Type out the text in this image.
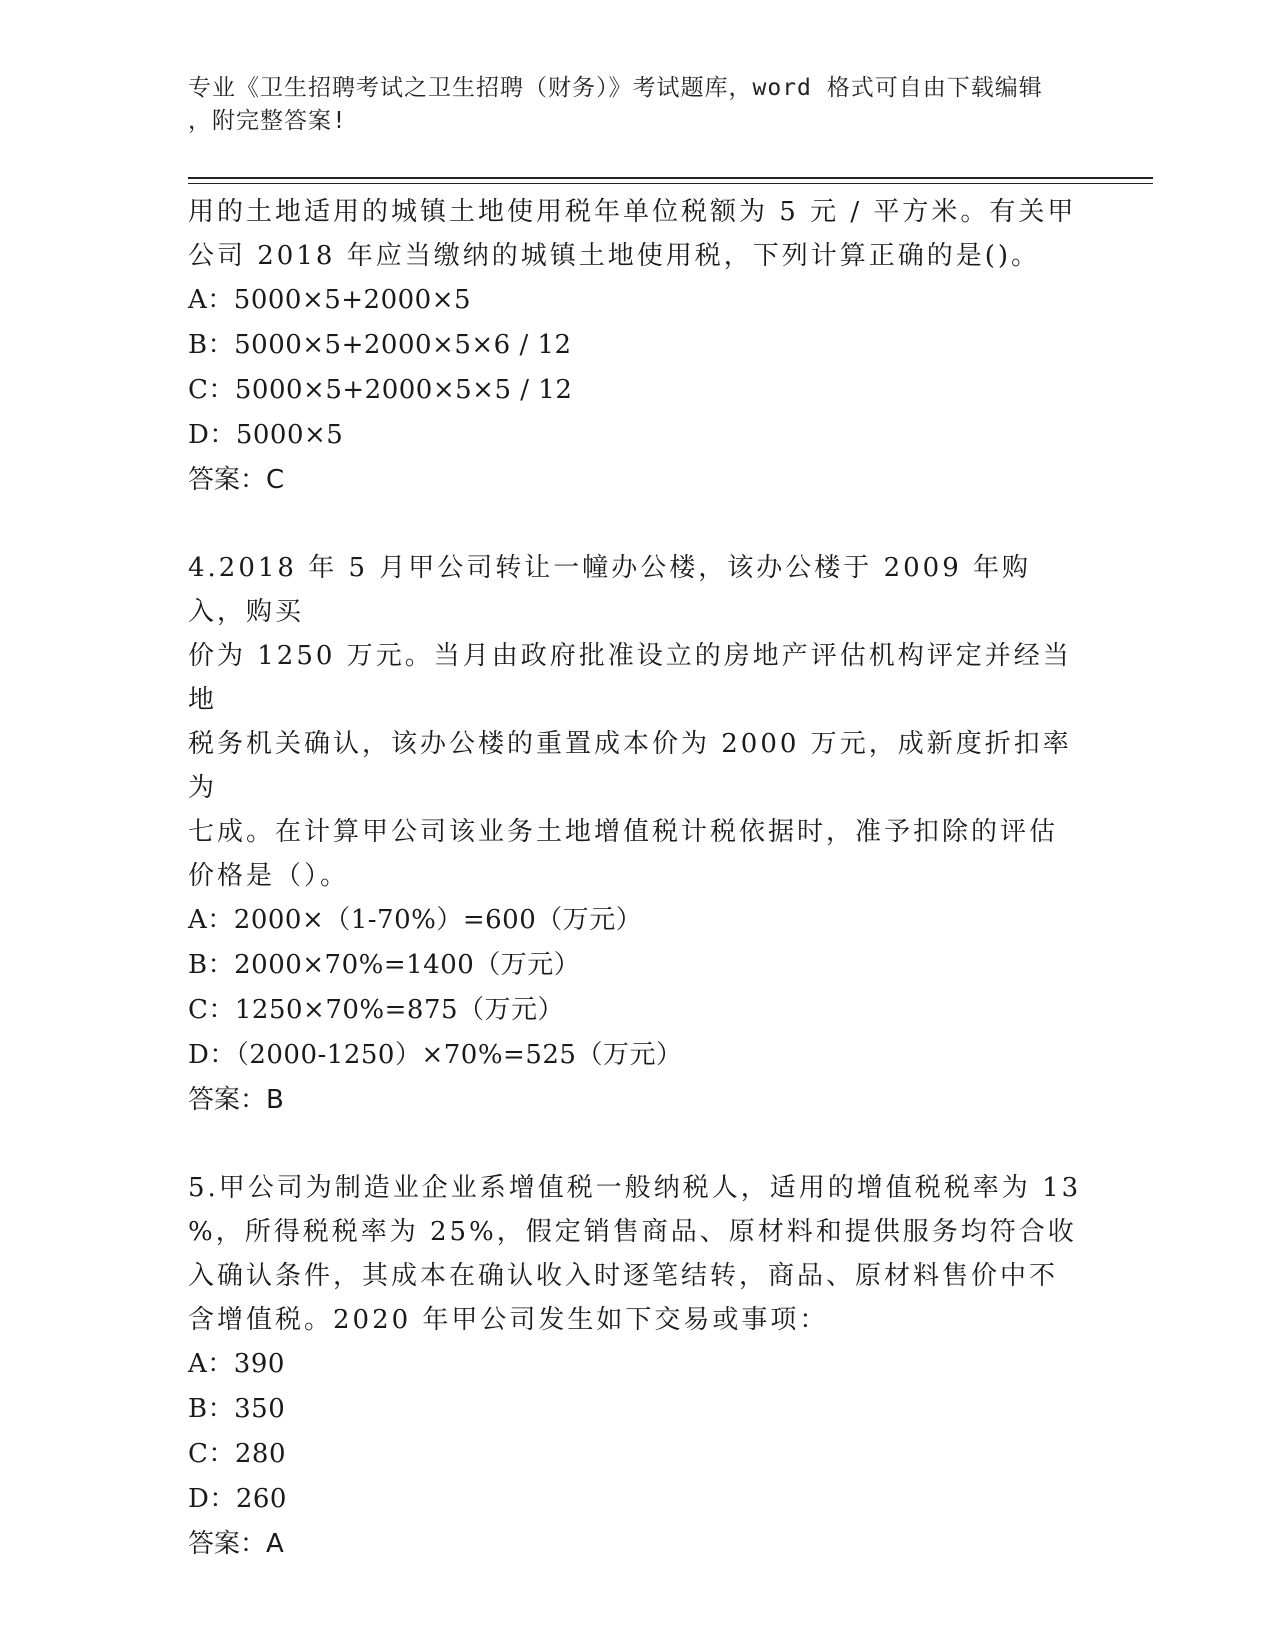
专业《卫生招聘考试之卫生招聘（财务）》考试题库，word 格式可自由下载编辑
，附完整答案!

用的土地适用的城镇土地使用税年单位税额为 5 元 / 平方米。有关甲

公司 2018 年应当缴纳的城镇土地使用税，下列计算正确的是()。

A：5000×5+2000×5

B：5000×5+2000×5×6 / 12

C：5000×5+2000×5×5 / 12

D：5000×5

答案：C

4.2018 年 5 月甲公司转让一幢办公楼，该办公楼于 2009 年购入，购买

价为 1250 万元。当月由政府批准设立的房地产评估机构评定并经当地

税务机关确认，该办公楼的重置成本价为 2000 万元，成新度折扣率为

七成。在计算甲公司该业务土地增值税计税依据时，准予扣除的评估

价格是（）。

A：2000×（1-70%）=600（万元）

B：2000×70%=1400（万元）

C：1250×70%=875（万元）

D：（2000-1250）×70%=525（万元）

答案：B

5.甲公司为制造业企业系增值税一般纳税人，适用的增值税税率为 13

%，所得税税率为 25%，假定销售商品、原材料和提供服务均符合收

入确认条件，其成本在确认收入时逐笔结转，商品、原材料售价中不

含增值税。2020 年甲公司发生如下交易或事项：

A：390

B：350

C：280

D：260

答案：A
